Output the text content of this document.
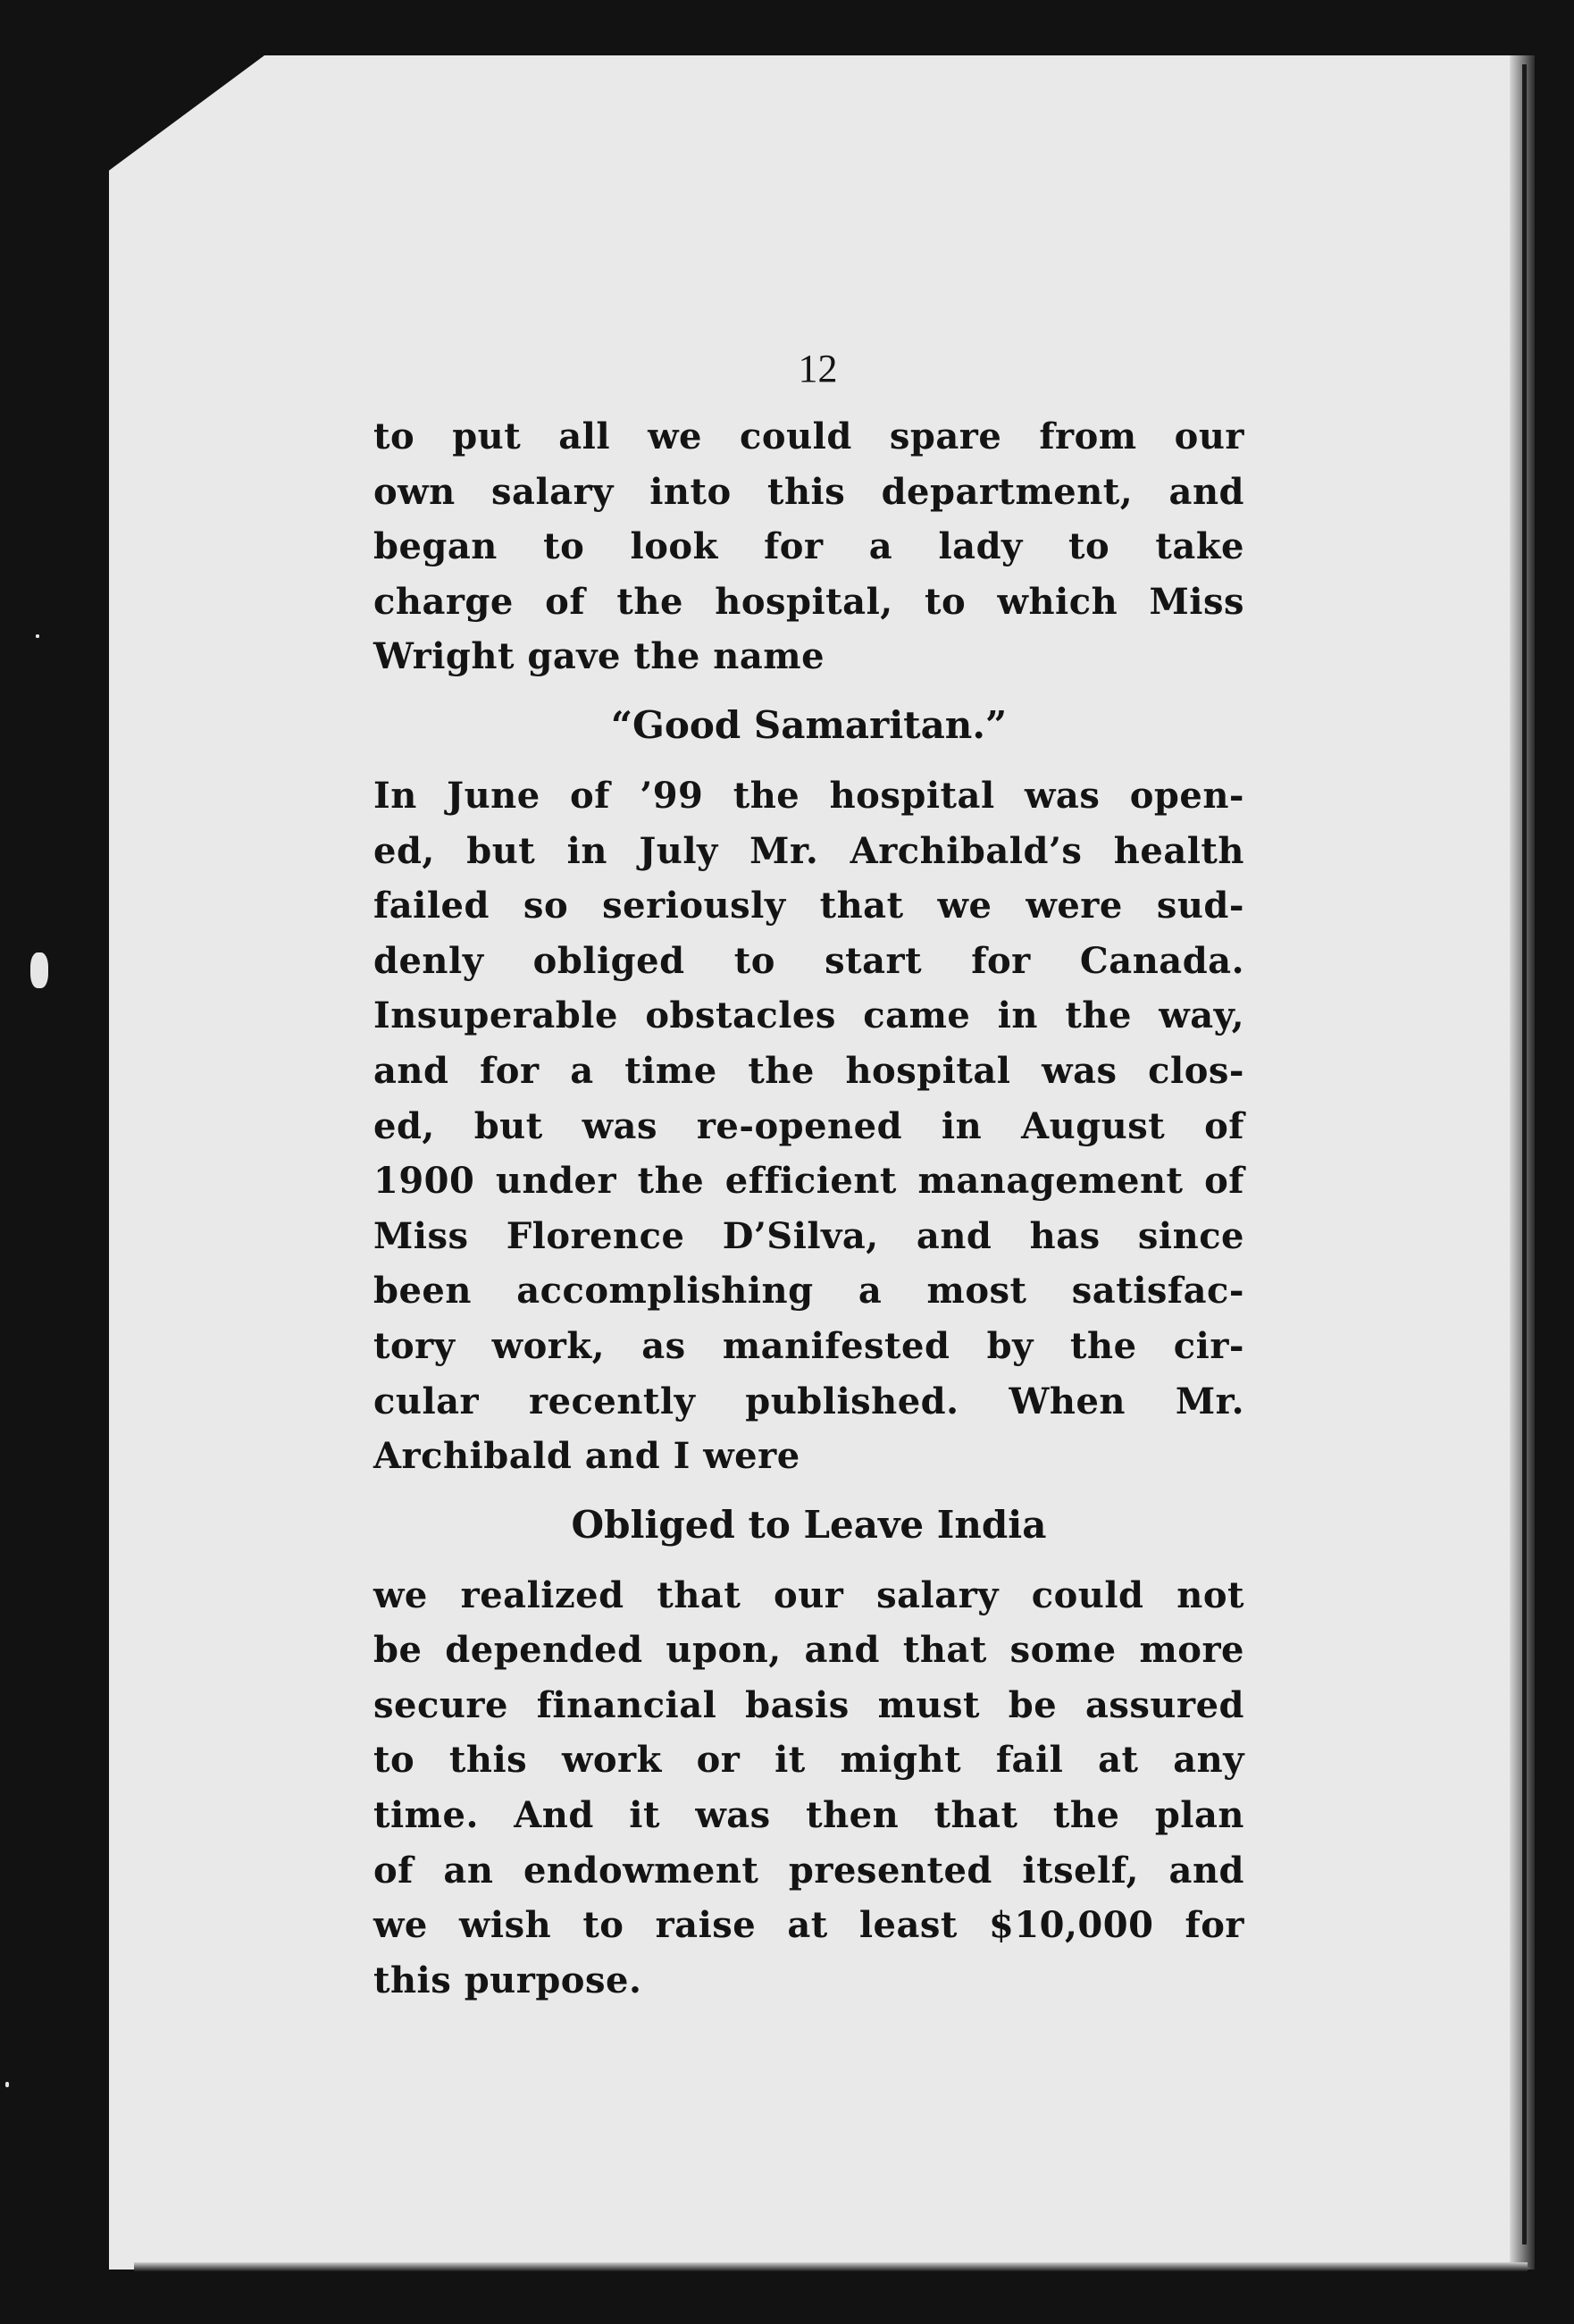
12
to put all we could spare from our
own salary into this department, and
began to look for a lady to take
charge of the hospital, to which Miss
Wright gave the name
“Good Samaritan.”
In June of ’99 the hospital was open-
ed, but in July Mr. Archibald’s health
failed so seriously that we were sud-
denly obliged to start for Canada.
Insuperable obstacles came in the way,
and for a time the hospital was clos-
ed, but was re-opened in August of
1900 under the efficient management of
Miss Florence D’Silva, and has since
been accomplishing a most satisfac-
tory work, as manifested by the cir-
cular recently published. When Mr.
Archibald and I were
Obliged to Leave India
we realized that our salary could not
be depended upon, and that some more
secure financial basis must be assured
to this work or it might fail at any
time. And it was then that the plan
of an endowment presented itself, and
we wish to raise at least $10,000 for
this purpose.
